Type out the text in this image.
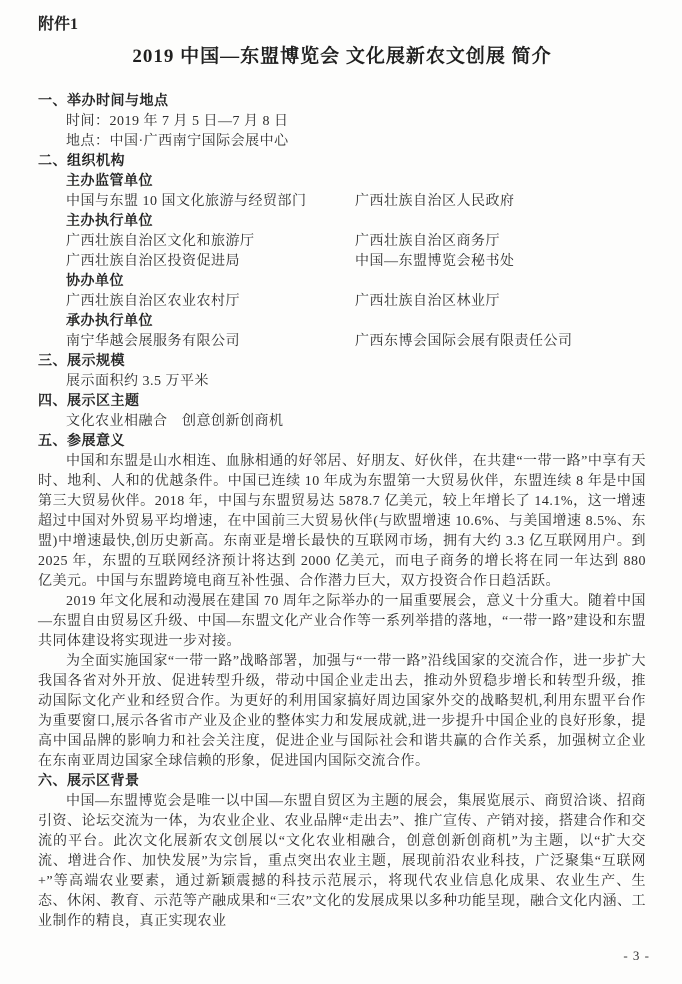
附件1
2019 中国—东盟博览会 文化展新农文创展 简介
一、举办时间与地点
时间：2019 年 7 月 5 日—7 月 8 日
地点：中国·广西南宁国际会展中心
二、组织机构
主办监管单位
中国与东盟 10 国文化旅游与经贸部门	广西壮族自治区人民政府
主办执行单位
广西壮族自治区文化和旅游厅	广西壮族自治区商务厅
广西壮族自治区投资促进局	中国—东盟博览会秘书处
协办单位
广西壮族自治区农业农村厅	广西壮族自治区林业厅
承办执行单位
南宁华越会展服务有限公司	广西东博会国际会展有限责任公司
三、展示规模
展示面积约 3.5 万平米
四、展示区主题
文化农业相融合　创意创新创商机
五、参展意义

中国和东盟是山水相连、血脉相通的好邻居、好朋友、好伙伴，在共建“一带一路”中享有天时、地利、人和的优越条件。中国已连续 10 年成为东盟第一大贸易伙伴，东盟连续 8 年是中国第三大贸易伙伴。2018 年，中国与东盟贸易达 5878.7 亿美元，较上年增长了 14.1%，这一增速超过中国对外贸易平均增速，在中国前三大贸易伙伴(与欧盟增速 10.6%、与美国增速 8.5%、东盟)中增速最快,创历史新高。东南亚是增长最快的互联网市场，拥有大约 3.3 亿互联网用户。到 2025 年，东盟的互联网经济预计将达到 2000 亿美元，而电子商务的增长将在同一年达到 880 亿美元。中国与东盟跨境电商互补性强、合作潜力巨大，双方投资合作日趋活跃。

2019 年文化展和动漫展在建国 70 周年之际举办的一届重要展会，意义十分重大。随着中国—东盟自由贸易区升级、中国—东盟文化产业合作等一系列举措的落地，“一带一路”建设和东盟共同体建设将实现进一步对接。

为全面实施国家“一带一路”战略部署，加强与“一带一路”沿线国家的交流合作，进一步扩大我国各省对外开放、促进转型升级，带动中国企业走出去，推动外贸稳步增长和转型升级，推动国际文化产业和经贸合作。为更好的利用国家搞好周边国家外交的战略契机,利用东盟平台作为重要窗口,展示各省市产业及企业的整体实力和发展成就,进一步提升中国企业的良好形象，提高中国品牌的影响力和社会关注度，促进企业与国际社会和谐共赢的合作关系，加强树立企业在东南亚周边国家全球信赖的形象，促进国内国际交流合作。

六、展示区背景

中国—东盟博览会是唯一以中国—东盟自贸区为主题的展会，集展览展示、商贸洽谈、招商引资、论坛交流为一体，为农业企业、农业品牌“走出去”、推广宣传、产销对接，搭建合作和交流的平台。此次文化展新农文创展以“文化农业相融合，创意创新创商机”为主题，以“扩大交流、增进合作、加快发展”为宗旨，重点突出农业主题，展现前沿农业科技，广泛聚集“互联网+”等高端农业要素，通过新颖震撼的科技示范展示，将现代农业信息化成果、农业生产、生态、休闲、教育、示范等产融成果和“三农”文化的发展成果以多种功能呈现，融合文化内涵、工业制作的精良，真正实现农业

- 3 -
